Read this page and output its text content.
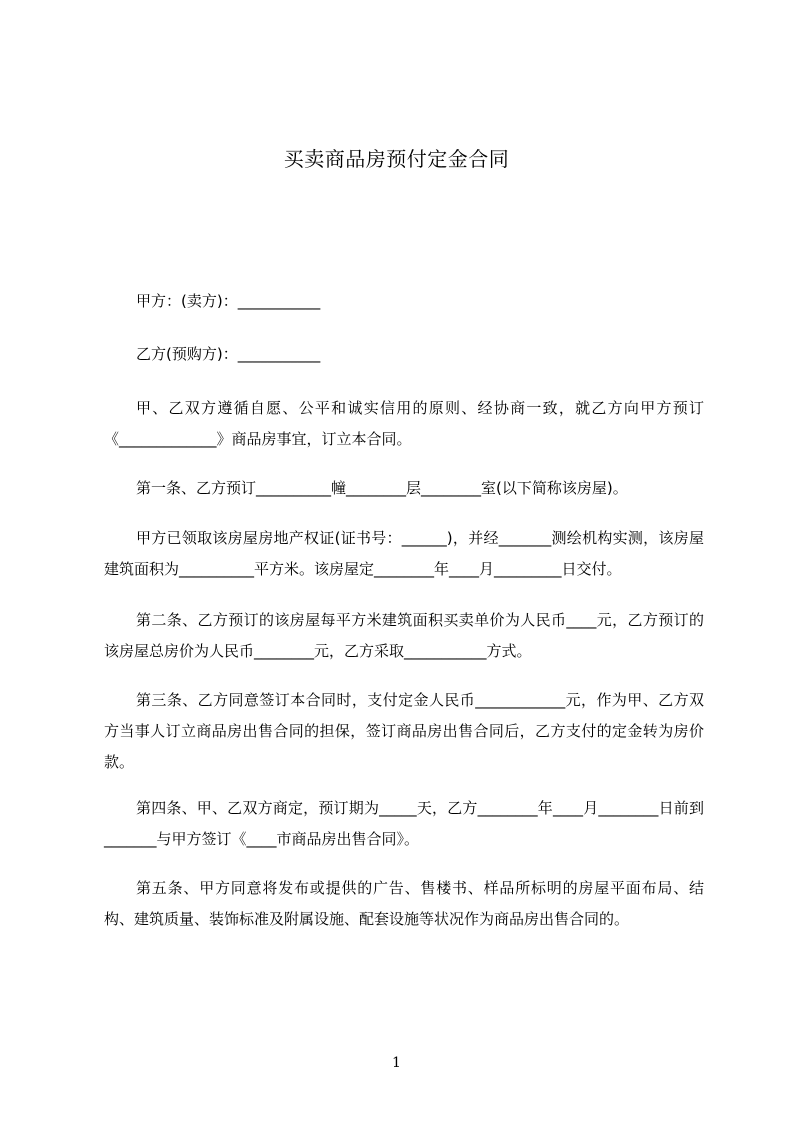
买卖商品房预付定金合同
甲方：(卖方)：___________
乙方(预购方)：___________
甲、乙双方遵循自愿、公平和诚实信用的原则、经协商一致，就乙方向甲方预订《_____________》商品房事宜，订立本合同。
第一条、乙方预订__________幢________层________室(以下简称该房屋)。
甲方已领取该房屋房地产权证(证书号：______)，并经_______测绘机构实测，该房屋建筑面积为__________平方米。该房屋定________年____月_________日交付。
第二条、乙方预订的该房屋每平方米建筑面积买卖单价为人民币____元，乙方预订的该房屋总房价为人民币________元，乙方采取___________方式。
第三条、乙方同意签订本合同时，支付定金人民币____________元，作为甲、乙方双方当事人订立商品房出售合同的担保，签订商品房出售合同后，乙方支付的定金转为房价款。
第四条、甲、乙双方商定，预订期为_____天，乙方________年____月________日前到_______与甲方签订《____市商品房出售合同》。
第五条、甲方同意将发布或提供的广告、售楼书、样品所标明的房屋平面布局、结构、建筑质量、装饰标准及附属设施、配套设施等状况作为商品房出售合同的。
1
